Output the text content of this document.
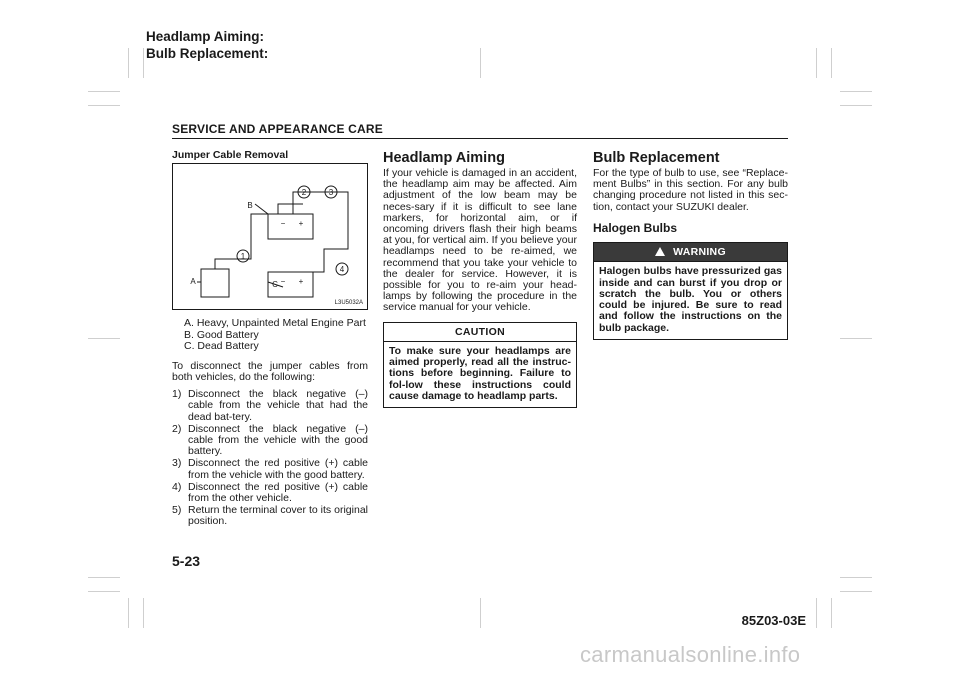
Headlamp Aiming:
Bulb Replacement:
SERVICE AND APPEARANCE CARE
Jumper Cable Removal
1
2	3
4
B
A	C
− +
− +
L3U5032A
A. Heavy, Unpainted Metal Engine Part
B. Good Battery
C. Dead Battery

To disconnect the jumper cables from both vehicles, do the following:

1) Disconnect the black negative (–) cable from the vehicle that had the dead bat-tery.
2) Disconnect the black negative (–) cable from the vehicle with the good battery.
3) Disconnect the red positive (+) cable from the vehicle with the good battery.
4) Disconnect the red positive (+) cable from the other vehicle.
5) Return the terminal cover to its original position.
Headlamp Aiming

If your vehicle is damaged in an accident, the headlamp aim may be affected. Aim adjustment of the low beam may be neces-sary if it is difficult to see lane markers, for horizontal aim, or if oncoming drivers flash their high beams at you, for vertical aim. If you believe your headlamps need to be re-aimed, we recommend that you take your vehicle to the dealer for service. However, it is possible for you to re-aim your head-lamps by following the procedure in the service manual for your vehicle.

CAUTION
To make sure your headlamps are aimed properly, read all the instruc-tions before beginning. Failure to fol-low these instructions could cause damage to headlamp parts.
Bulb Replacement

For the type of bulb to use, see “Replace-ment Bulbs” in this section. For any bulb changing procedure not listed in this sec-tion, contact your SUZUKI dealer.

Halogen Bulbs
WARNING
Halogen bulbs have pressurized gas inside and can burst if you drop or scratch the bulb. You or others could be injured. Be sure to read and follow the instructions on the bulb package.
5-23
85Z03-03E
carmanualsonline.info
